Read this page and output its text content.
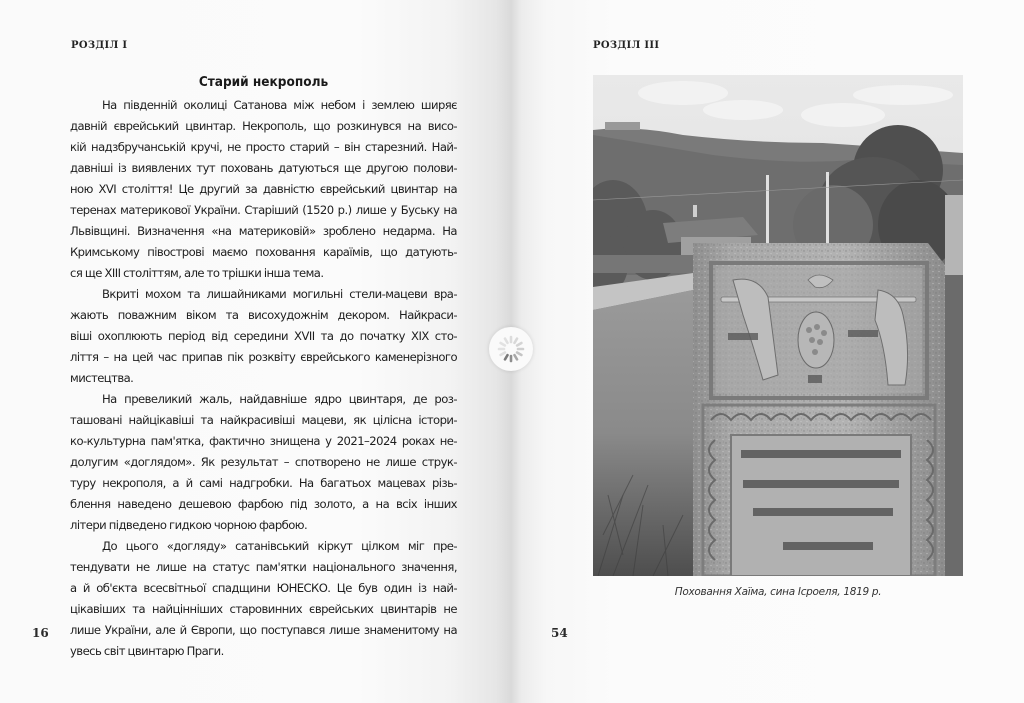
РОЗДІЛ І
Старий некрополь
На південній околиці Сатанова між небом і землею ширяє
давній єврейський цвинтар. Некрополь, що розкинувся на висо-
кій надзбручанській кручі, не просто старий – він старезний. Най-
давніші із виявлених тут поховань датуються ще другою полови-
ною XVI століття! Це другий за давністю єврейський цвинтар на
теренах материкової України. Старіший (1520 р.) лише у Буську на
Львівщині. Визначення «на материковій» зроблено недарма. На
Кримському півострові маємо поховання караїмів, що датують-
ся ще XIII століттям, але то трішки інша тема.
Вкриті мохом та лишайниками могильні стели-мацеви вра-
жають поважним віком та висохудожнім декором. Найкраси-
віші охоплюють період від середини XVII та до початку XIX сто-
ліття – на цей час припав пік розквіту єврейського каменерізного
мистецтва.
На превеликий жаль, найдавніше ядро цвинтаря, де роз-
ташовані найцікавіші та найкрасивіші мацеви, як цілісна істори-
ко-культурна пам'ятка, фактично знищена у 2021–2024 роках не-
долугим «доглядом». Як результат – спотворено не лише струк-
туру некрополя, а й самі надгробки. На багатьох мацевах різь-
блення наведено дешевою фарбою під золото, а на всіх інших
літери підведено гидкою чорною фарбою.
До цього «догляду» сатанівський кіркут цілком міг пре-
тендувати не лише на статус пам'ятки національного значення,
а й об'єкта всесвітньої спадщини ЮНЕСКО. Це був один із най-
цікавіших та найцінніших старовинних єврейських цвинтарів не
лише України, але й Європи, що поступався лише знаменитому на
увесь світ цвинтарю Праги.
16
РОЗДІЛ ІІІ
54
Поховання Хаїма, сина Ісроеля, 1819 р.
